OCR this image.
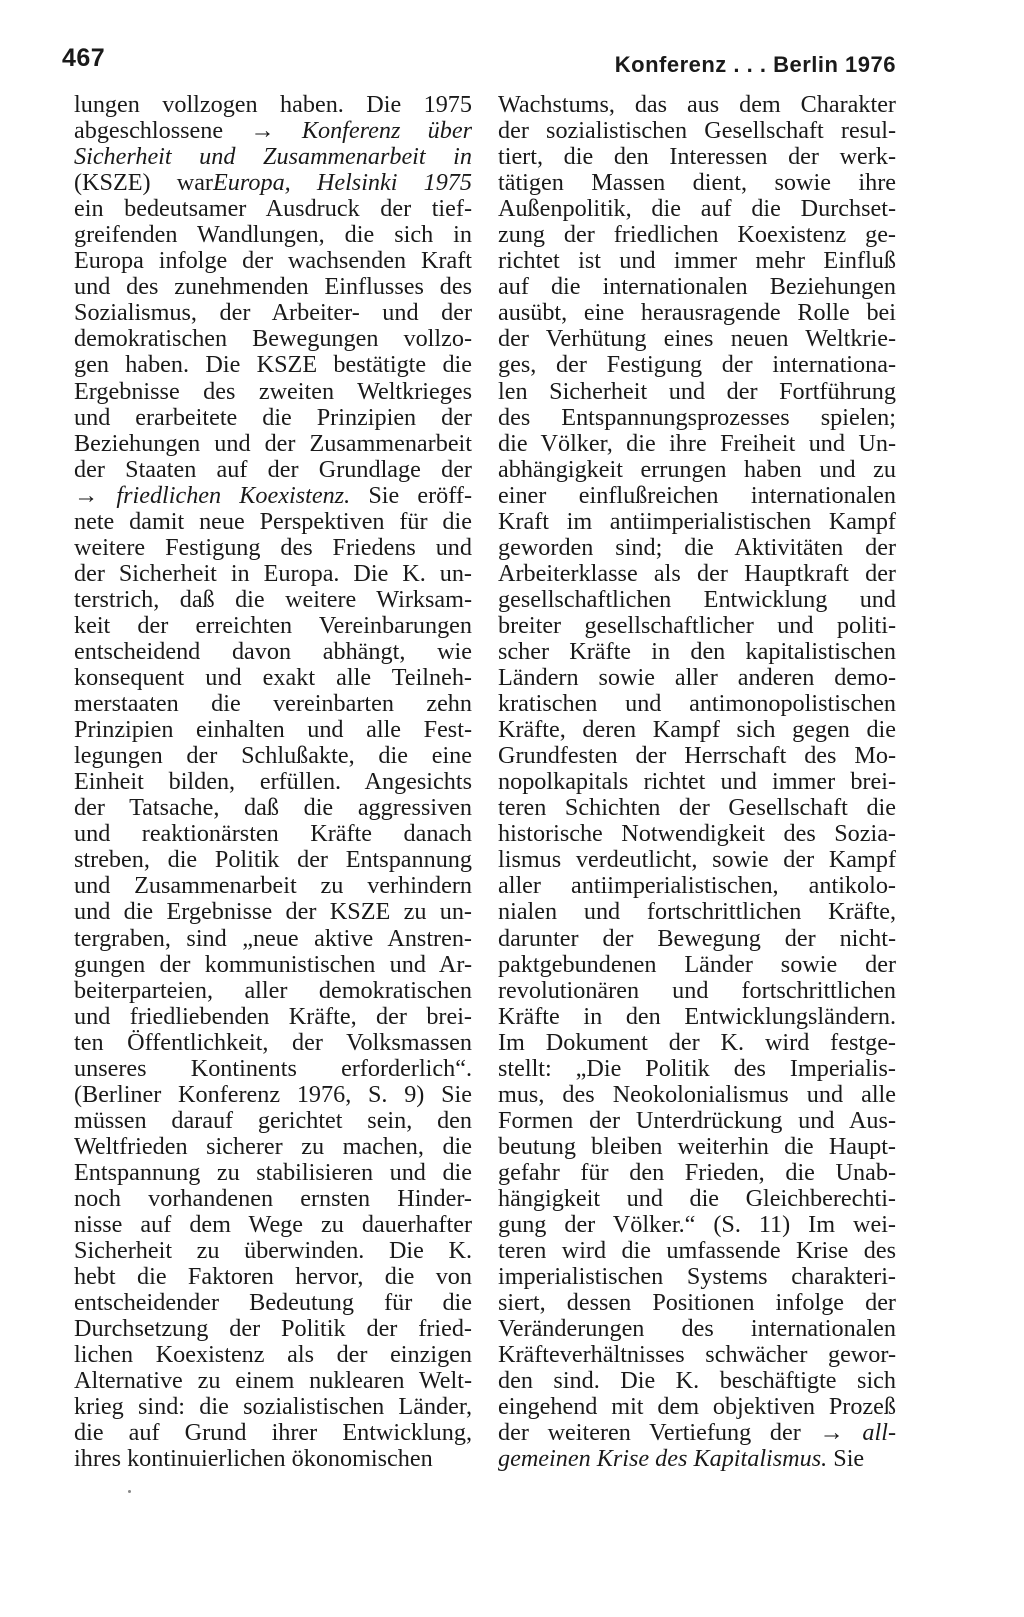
467	Konferenz . . . Berlin 1976
lungen vollzogen haben. Die 1975
abgeschlossene → Konferenz über
Sicherheit und Zusammenarbeit in
(KSZE) warEuropa, Helsinki 1975
ein bedeutsamer Ausdruck der tief-
greifenden Wandlungen, die sich in
Europa infolge der wachsenden Kraft
und des zunehmenden Einflusses des
Sozialismus, der Arbeiter- und der
demokratischen Bewegungen vollzo-
gen haben. Die KSZE bestätigte die
Ergebnisse des zweiten Weltkrieges
und erarbeitete die Prinzipien der
Beziehungen und der Zusammenarbeit
der Staaten auf der Grundlage der
→ friedlichen Koexistenz. Sie eröff-
nete damit neue Perspektiven für die
weitere Festigung des Friedens und
der Sicherheit in Europa. Die K. un-
terstrich, daß die weitere Wirksam-
keit der erreichten Vereinbarungen
entscheidend davon abhängt, wie
konsequent und exakt alle Teilneh-
merstaaten die vereinbarten zehn
Prinzipien einhalten und alle Fest-
legungen der Schlußakte, die eine
Einheit bilden, erfüllen. Angesichts
der Tatsache, daß die aggressiven
und reaktionärsten Kräfte danach
streben, die Politik der Entspannung
und Zusammenarbeit zu verhindern
und die Ergebnisse der KSZE zu un-
tergraben, sind „neue aktive Anstren-
gungen der kommunistischen und Ar-
beiterparteien, aller demokratischen
und friedliebenden Kräfte, der brei-
ten Öffentlichkeit, der Volksmassen
unseres Kontinents erforderlich“.
(Berliner Konferenz 1976, S. 9) Sie
müssen darauf gerichtet sein, den
Weltfrieden sicherer zu machen, die
Entspannung zu stabilisieren und die
noch vorhandenen ernsten Hinder-
nisse auf dem Wege zu dauerhafter
Sicherheit zu überwinden. Die K.
hebt die Faktoren hervor, die von
entscheidender Bedeutung für die
Durchsetzung der Politik der fried-
lichen Koexistenz als der einzigen
Alternative zu einem nuklearen Welt-
krieg sind: die sozialistischen Länder,
die auf Grund ihrer Entwicklung,
ihres kontinuierlichen ökonomischen
Wachstums, das aus dem Charakter
der sozialistischen Gesellschaft resul-
tiert, die den Interessen der werk-
tätigen Massen dient, sowie ihre
Außenpolitik, die auf die Durchset-
zung der friedlichen Koexistenz ge-
richtet ist und immer mehr Einfluß
auf die internationalen Beziehungen
ausübt, eine herausragende Rolle bei
der Verhütung eines neuen Weltkrie-
ges, der Festigung der internationa-
len Sicherheit und der Fortführung
des Entspannungsprozesses spielen;
die Völker, die ihre Freiheit und Un-
abhängigkeit errungen haben und zu
einer einflußreichen internationalen
Kraft im antiimperialistischen Kampf
geworden sind; die Aktivitäten der
Arbeiterklasse als der Hauptkraft der
gesellschaftlichen Entwicklung und
breiter gesellschaftlicher und politi-
scher Kräfte in den kapitalistischen
Ländern sowie aller anderen demo-
kratischen und antimonopolistischen
Kräfte, deren Kampf sich gegen die
Grundfesten der Herrschaft des Mo-
nopolkapitals richtet und immer brei-
teren Schichten der Gesellschaft die
historische Notwendigkeit des Sozia-
lismus verdeutlicht, sowie der Kampf
aller antiimperialistischen, antikolo-
nialen und fortschrittlichen Kräfte,
darunter der Bewegung der nicht-
paktgebundenen Länder sowie der
revolutionären und fortschrittlichen
Kräfte in den Entwicklungsländern.
Im Dokument der K. wird festge-
stellt: „Die Politik des Imperialis-
mus, des Neokolonialismus und alle
Formen der Unterdrückung und Aus-
beutung bleiben weiterhin die Haupt-
gefahr für den Frieden, die Unab-
hängigkeit und die Gleichberechti-
gung der Völker.“ (S. 11) Im wei-
teren wird die umfassende Krise des
imperialistischen Systems charakteri-
siert, dessen Positionen infolge der
Veränderungen des internationalen
Kräfteverhältnisses schwächer gewor-
den sind. Die K. beschäftigte sich
eingehend mit dem objektiven Prozeß
der weiteren Vertiefung der → all-
gemeinen Krise des Kapitalismus. Sie
